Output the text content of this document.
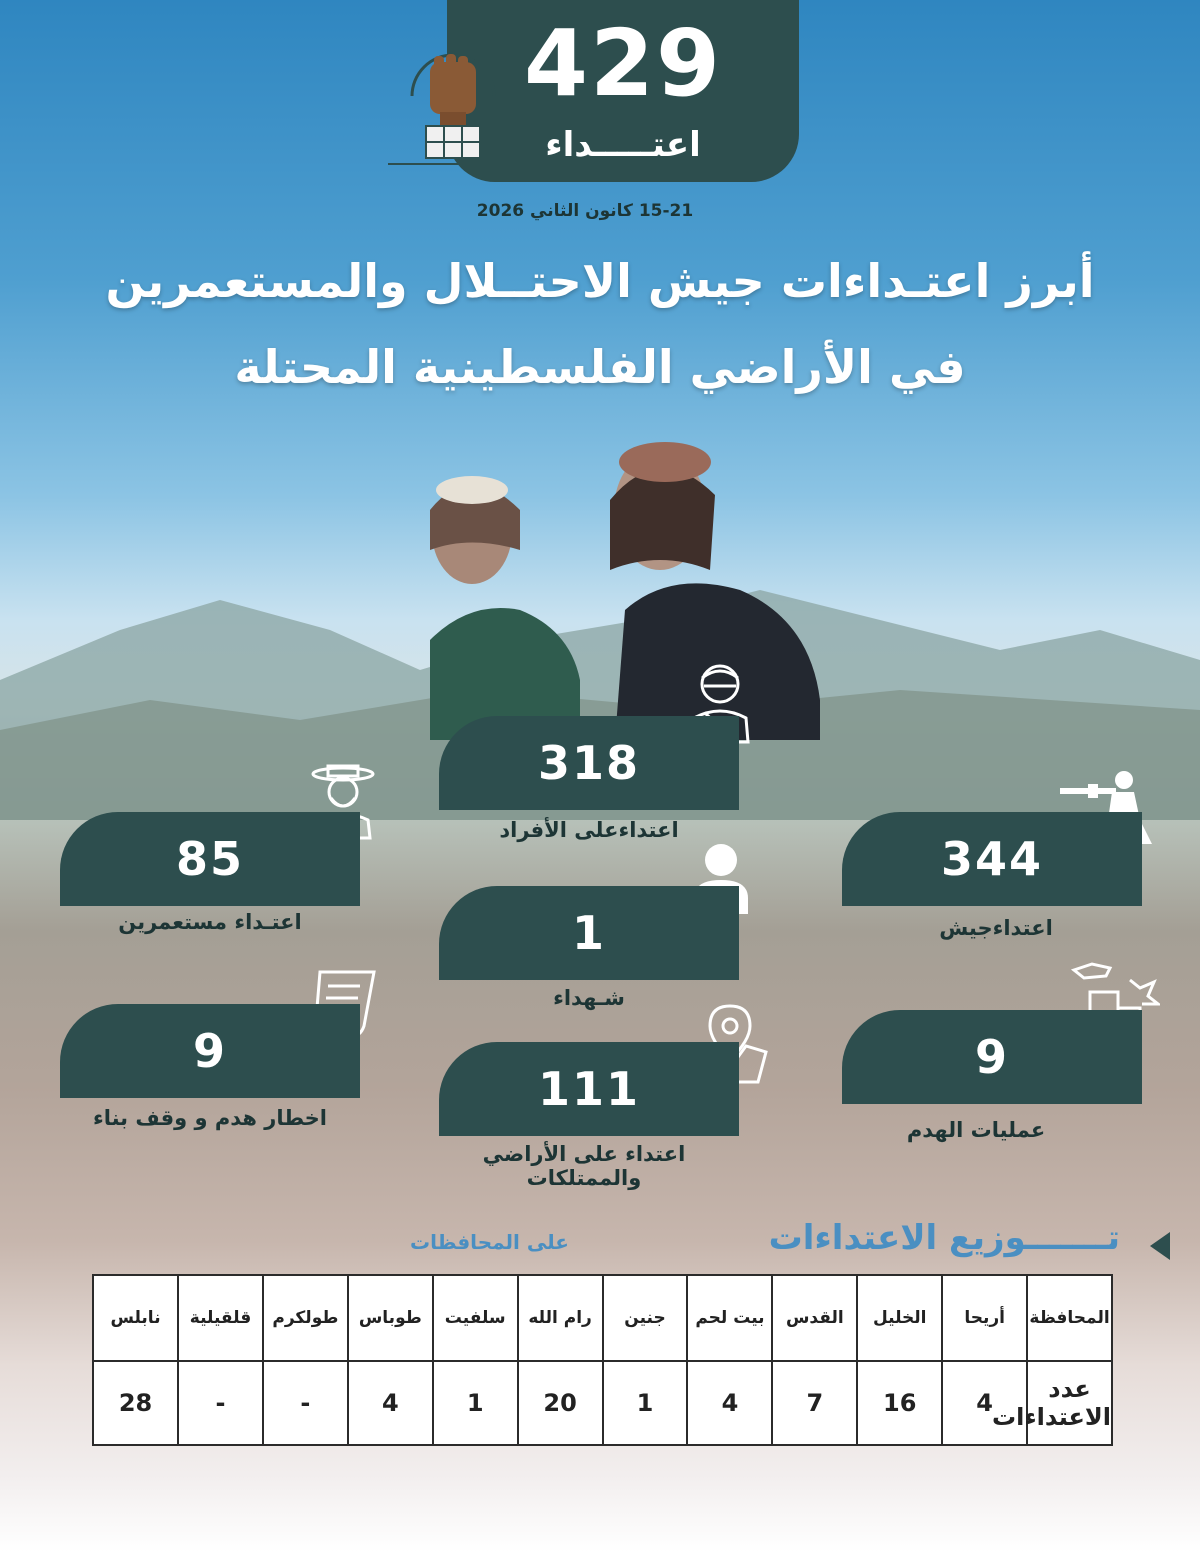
429
اعتـــــداء
15-21 كانون الثاني 2026
أبرز اعتـداءات جيش الاحتــلال والمستعمرين
في الأراضي الفلسطينية المحتلة
318
اعتداءعلى الأفراد
85
اعتـداء مستعمرين
344
اعتداءجيش
1
شـهداء
9
اخطار هدم و وقف بناء
111
اعتداء على الأراضي والممتلكات
9
عمليات الهدم
تـــــــوزيع الاعتداءات
على المحافظات
المحافظة	أريحا	الخليل	القدس	بيت لحم	جنين	رام الله	سلفيت	طوباس	طولكرم	قلقيلية	نابلس
عدد الاعتداءات	4	16	7	4	1	20	1	4	-	-	28
